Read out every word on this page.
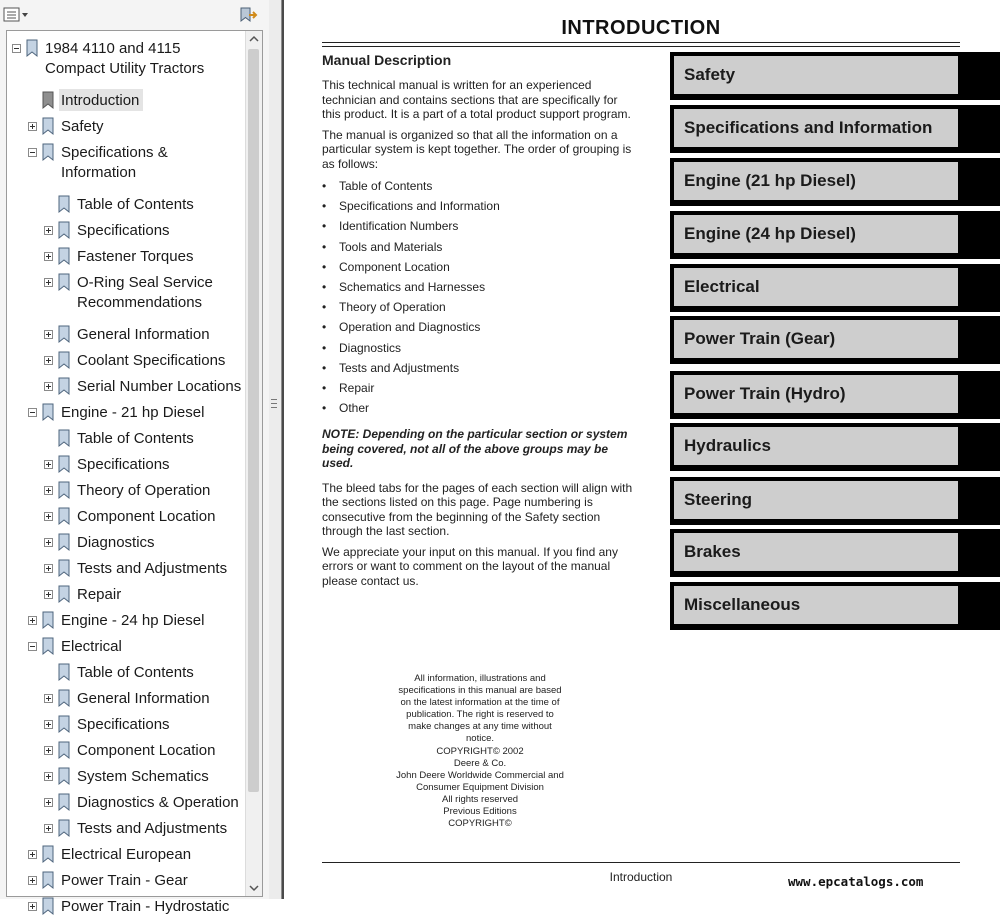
1984 4110 and 4115 Compact Utility Tractors
Introduction
Safety
Specifications & Information
Table of Contents
Specifications
Fastener Torques
O-Ring Seal Service Recommendations
General Information
Coolant Specifications
Serial Number Locations
Engine - 21 hp Diesel
Table of Contents
Specifications
Theory of Operation
Component Location
Diagnostics
Tests and Adjustments
Repair
Engine - 24 hp Diesel
Electrical
Table of Contents
General Information
Specifications
Component Location
System Schematics
Diagnostics & Operation
Tests and Adjustments
Electrical European
Power Train - Gear
Power Train - Hydrostatic
INTRODUCTION
Manual Description

This technical manual is written for an experienced technician and contains sections that are specifically for this product. It is a part of a total product support program.

The manual is organized so that all the information on a particular system is kept together. The order of grouping is as follows:

• Table of Contents
• Specifications and Information
• Identification Numbers
• Tools and Materials
• Component Location
• Schematics and Harnesses
• Theory of Operation
• Operation and Diagnostics
• Diagnostics
• Tests and Adjustments
• Repair
• Other

NOTE: Depending on the particular section or system being covered, not all of the above groups may be used.

The bleed tabs for the pages of each section will align with the sections listed on this page. Page numbering is consecutive from the beginning of the Safety section through the last section.

We appreciate your input on this manual. If you find any errors or want to comment on the layout of the manual please contact us.

Safety
Specifications and Information
Engine (21 hp Diesel)
Engine (24 hp Diesel)
Electrical
Power Train (Gear)
Power Train (Hydro)
Hydraulics
Steering
Brakes
Miscellaneous
All information, illustrations and
specifications in this manual are based
on the latest information at the time of
publication. The right is reserved to
make changes at any time without
notice.
COPYRIGHT© 2002
Deere & Co.
John Deere Worldwide Commercial and
Consumer Equipment Division
All rights reserved
Previous Editions
COPYRIGHT©
Introduction	www.epcatalogs.com
